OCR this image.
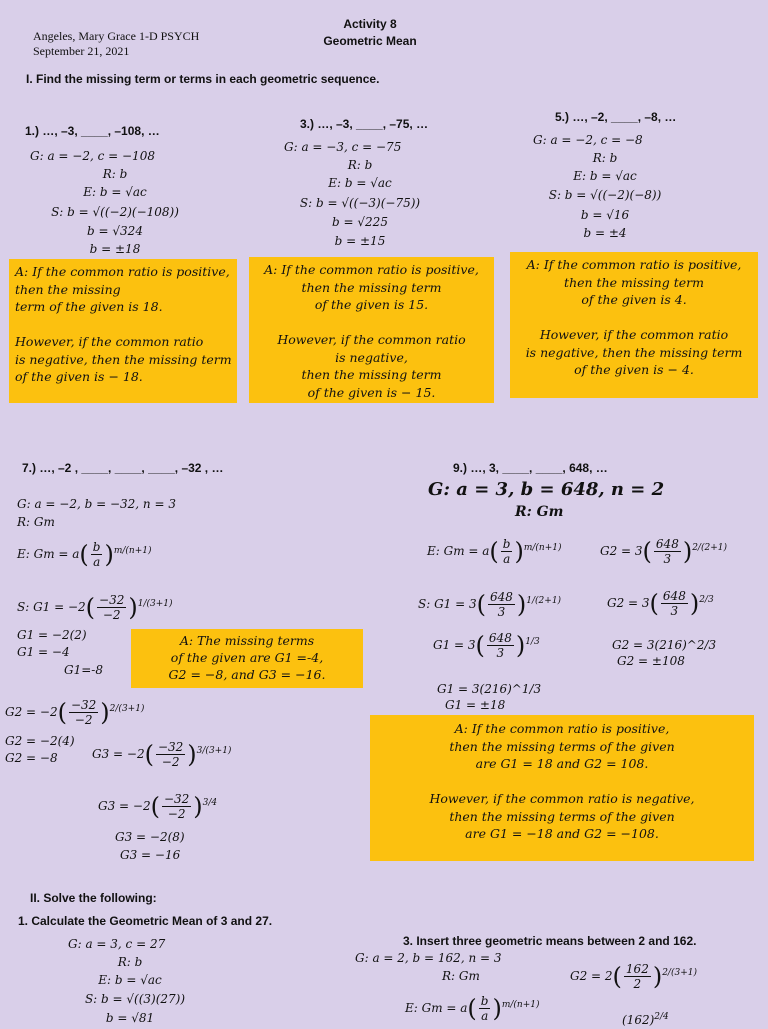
Angeles, Mary Grace 1-D PSYCH
September 21, 2021
Activity 8
Geometric Mean
I. Find the missing term or terms in each geometric sequence.
1.) …, –3, ____, –108, …
G: a = −2, c = −108
R: b
E: b = √ac
S: b = √((−2)(−108))
b = √324
b = ±18
A: If the common ratio is positive,
then the missing
term of the given is 18.

However, if the common ratio
is negative, then the missing term
of the given is − 18.
3.) …, –3, ____, –75, …
G: a = −3, c = −75
R: b
E: b = √ac
S: b = √((−3)(−75))
b = √225
b = ±15
A: If the common ratio is positive,
then the missing term
of the given is 15.

However, if the common ratio
is negative,
then the missing term
of the given is − 15.
5.) …, –2, ____, –8, …
G: a = −2, c = −8
R: b
E: b = √ac
S: b = √((−2)(−8))
b = √16
b = ±4
A: If the common ratio is positive,
then the missing term
of the given is 4.

However, if the common ratio
is negative, then the missing term
of the given is − 4.
7.) …, –2 , ____, ____, ____, –32 , …
G: a = −2, b = −32, n = 3
R: Gm
E: $Gm = a( \frac{b}{a} )^{m/(n+1)}$
S: $G1 = -2( \frac{-32}{-2} )^{1/(3+1)}$
G1 = −2(2)
G1 = −4
G1=-8
A: The missing terms
of the given are G1 =-4,
G2 = −8, and G3 = −16.
$G2 = -2( \frac{-32}{-2} )^{2/(3+1)}$
G2 = −2(4)
G2 = −8	$G3 = -2( \frac{-32}{-2} )^{3/(3+1)}$
$G3 = -2( \frac{-32}{-2} )^{3/4}$
G3 = −2(8)
G3 = −16
9.) …, 3, ____, ____, 648, …
G: a = 3, b = 648, n = 2
R: Gm
E: $Gm = a( \frac{b}{a} )^{m/(n+1)}$
S: $G1 = 3( \frac{648}{3} )^{1/(2+1)}$
$G1 = 3( \frac{648}{3} )^{1/3}$
G1 = 3(216)^1/3
G1 = ±18
$G2 = 3( \frac{648}{3} )^{2/(2+1)}$
$G2 = 3( \frac{648}{3} )^{2/3}$
G2 = 3(216)^2/3
G2 = ±108
A: If the common ratio is positive,
then the missing terms of the given
are G1 = 18 and G2 = 108.

However, if the common ratio is negative,
then the missing terms of the given
are G1 = −18 and G2 = −108.
II. Solve the following:
1. Calculate the Geometric Mean of 3 and 27.
G: a = 3, c = 27
R: b
E: b = √ac
S: b = √((3)(27))
b = √81
3. Insert three geometric means between 2 and 162.
G: a = 2, b = 162, n = 3
R: Gm
E: $Gm = a( \frac{b}{a} )^{m/(n+1)}$
$G2 = 2( \frac{162}{2} )^{2/(3+1)}$
$(162)^{2/4}$
